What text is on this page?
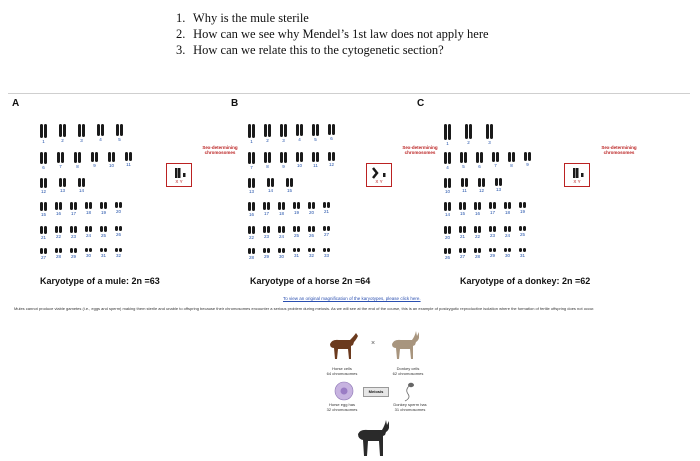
1. Why is the mule sterile
2. How can we see why Mendel’s 1st law does not apply here
3. How can we relate this to the cytogenetic section?
A	B	C
1	2	3	4	5
6	7	8	9	10	11
12	13	14
15 16 17 18 19 20
21 22 23 24 25 26
27 28 29 30 31 32
1	2	3	4	5	6
7	8	9	10 11 12
13	14	15
16 17 18 19 20 21
22 23 24 25 26 27
28 29 30 31 32 33
1	2	3
4	5	6	7	8	9
10	11	12	13
14 15 16 17 18 19
20 21 22 23 24 25
26 27 28 29 30 31
Sex-determining
chromosomes
X Y
Sex-determining
chromosomes
X Y
Sex-determining
chromosomes
X Y
Karyotype of a mule: 2n =63	Karyotype of a horse 2n =64	Karyotype of a donkey: 2n =62
To view an original magnification of the karyotypes, please click here.
Mules cannot produce viable gametes (i.e., eggs and sperm) making them sterile and unable to offspring because their chromosomes encounter a serious problem during meiosis. As we will see at the end of the course, this is an example of postzygotic reproductive isolation where the formation of fertile offspring does not occur.
×
Horse cells
64 chromosomes
Donkey cells
62 chromosomes
Meiosis
Horse egg has
32 chromosomes
Donkey sperm has
31 chromosomes
